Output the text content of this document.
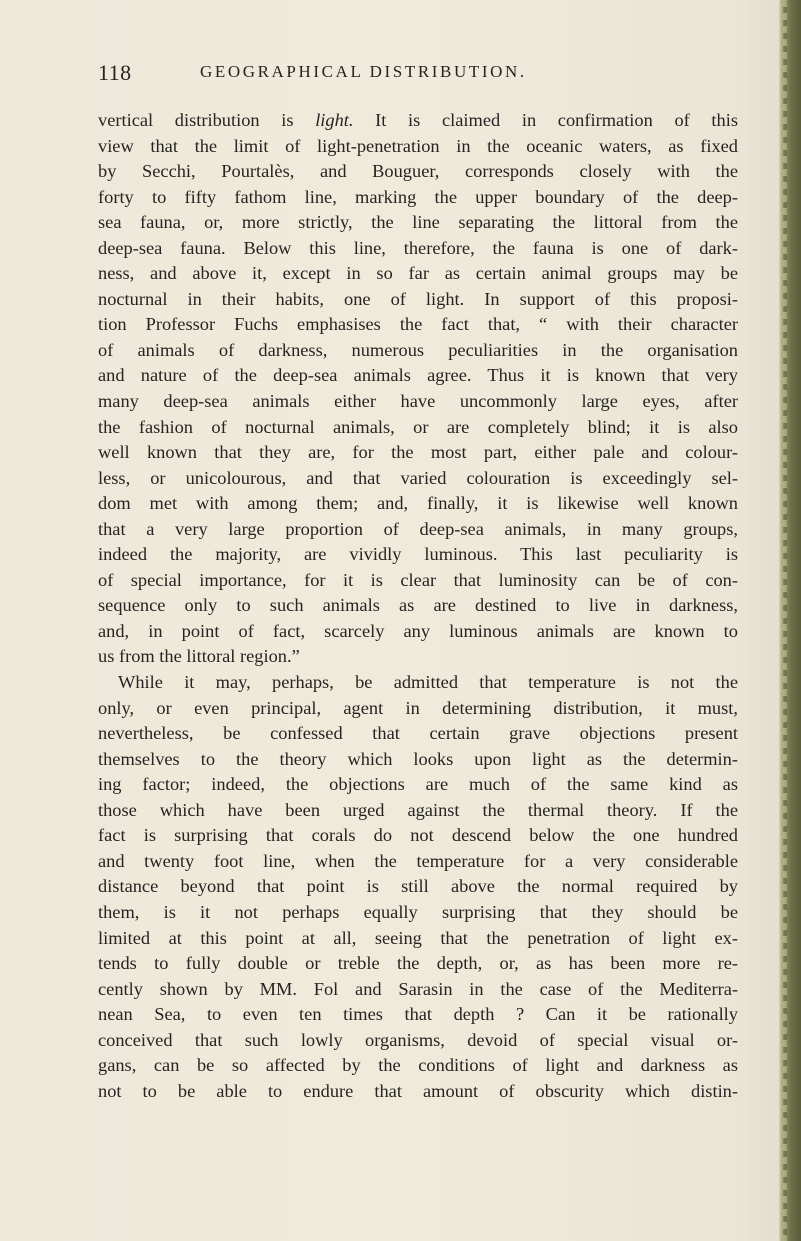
118	GEOGRAPHICAL DISTRIBUTION.
vertical distribution is light. It is claimed in confirmation of this
view that the limit of light-penetration in the oceanic waters, as fixed
by Secchi, Pourtalès, and Bouguer, corresponds closely with the
forty to fifty fathom line, marking the upper boundary of the deep-
sea fauna, or, more strictly, the line separating the littoral from the
deep-sea fauna. Below this line, therefore, the fauna is one of dark-
ness, and above it, except in so far as certain animal groups may be
nocturnal in their habits, one of light. In support of this proposi-
tion Professor Fuchs emphasises the fact that, “ with their character
of animals of darkness, numerous peculiarities in the organisation
and nature of the deep-sea animals agree. Thus it is known that very
many deep-sea animals either have uncommonly large eyes, after
the fashion of nocturnal animals, or are completely blind; it is also
well known that they are, for the most part, either pale and colour-
less, or unicolourous, and that varied colouration is exceedingly sel-
dom met with among them; and, finally, it is likewise well known
that a very large proportion of deep-sea animals, in many groups,
indeed the majority, are vividly luminous. This last peculiarity is
of special importance, for it is clear that luminosity can be of con-
sequence only to such animals as are destined to live in darkness,
and, in point of fact, scarcely any luminous animals are known to
us from the littoral region.”
While it may, perhaps, be admitted that temperature is not the
only, or even principal, agent in determining distribution, it must,
nevertheless, be confessed that certain grave objections present
themselves to the theory which looks upon light as the determin-
ing factor; indeed, the objections are much of the same kind as
those which have been urged against the thermal theory. If the
fact is surprising that corals do not descend below the one hundred
and twenty foot line, when the temperature for a very considerable
distance beyond that point is still above the normal required by
them, is it not perhaps equally surprising that they should be
limited at this point at all, seeing that the penetration of light ex-
tends to fully double or treble the depth, or, as has been more re-
cently shown by MM. Fol and Sarasin in the case of the Mediterra-
nean Sea, to even ten times that depth ? Can it be rationally
conceived that such lowly organisms, devoid of special visual or-
gans, can be so affected by the conditions of light and darkness as
not to be able to endure that amount of obscurity which distin-
